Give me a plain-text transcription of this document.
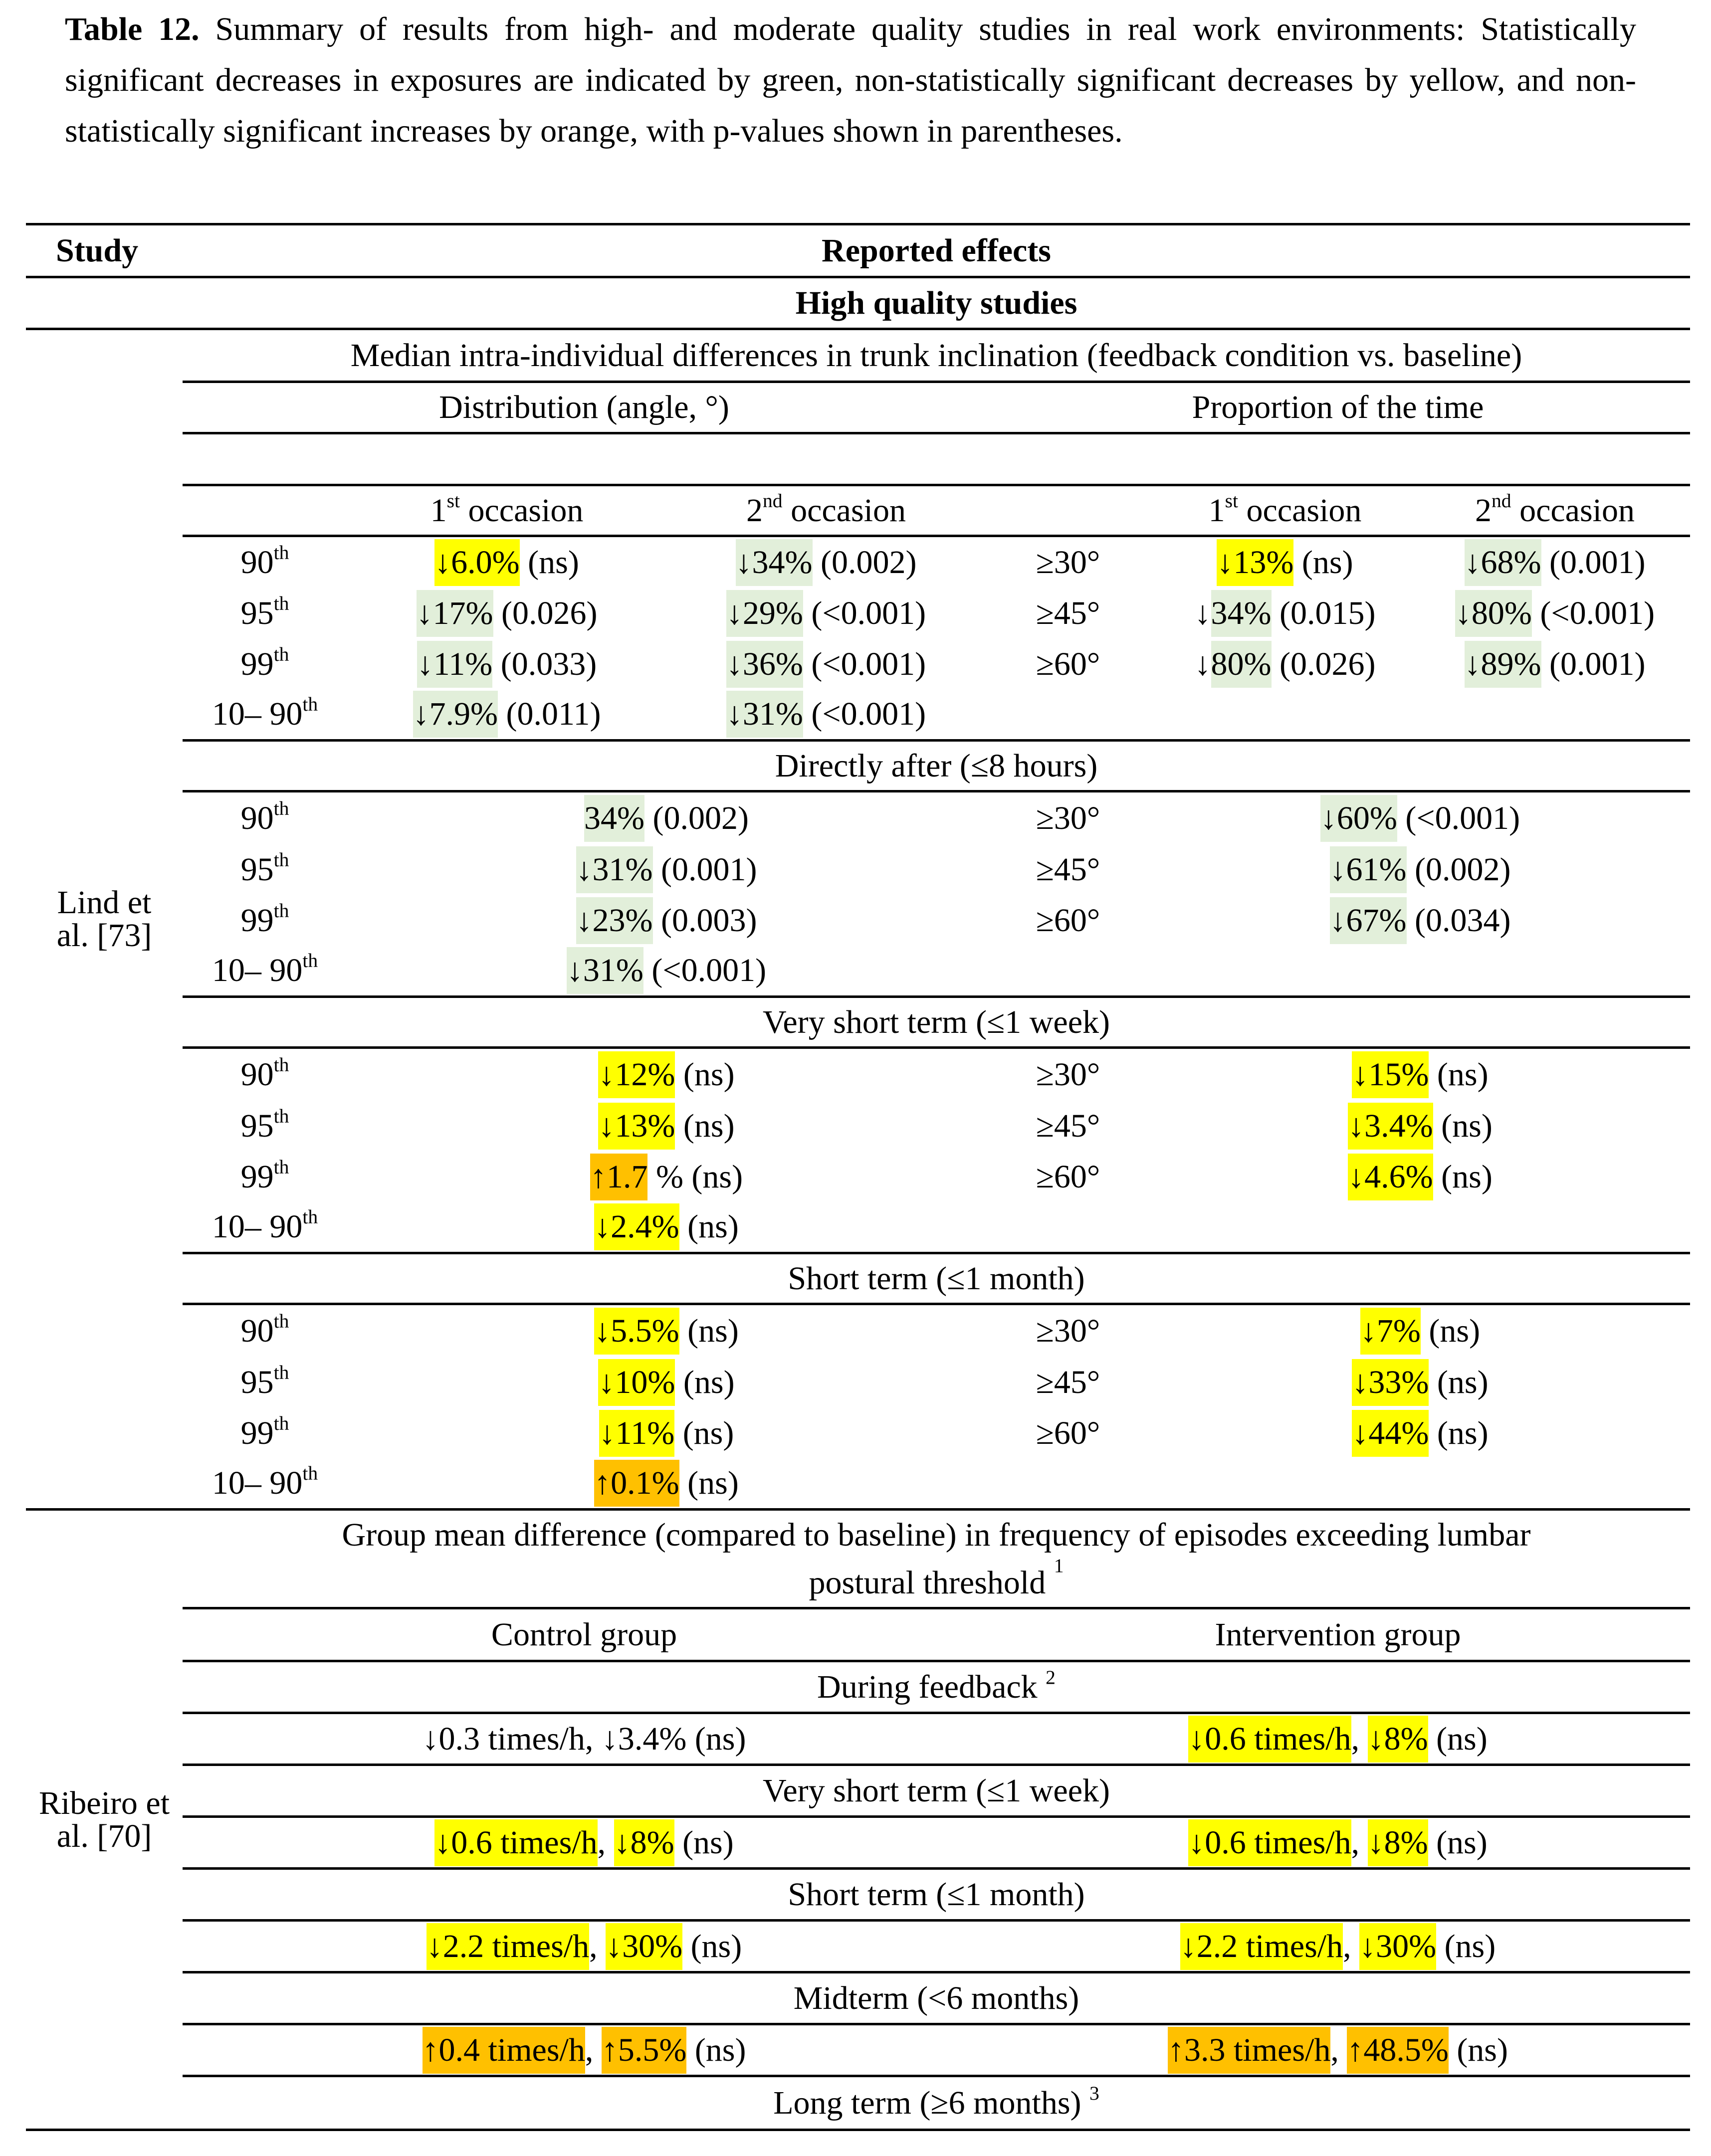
Table 12. Summary of results from high- and moderate quality studies in real work environments: Statistically significant decreases in exposures are indicated by green, non-statistically significant decreases by yellow, and non-statistically significant increases by orange, with p-values shown in parentheses.
Study	Reported effects					
	High quality studies					
Lind et
al. [73]	Median intra-individual differences in trunk inclination (feedback condition vs. baseline)					
	Distribution (angle, °)			Proportion of the time		

		1st occasion	2nd occasion		1st occasion	2nd occasion
	90th	↓6.0% (ns)	↓34% (0.002)	≥30°	↓13% (ns)	↓68% (0.001)
	95th	↓17% (0.026)	↓29% (<0.001)	≥45°	↓34% (0.015)	↓80% (<0.001)
	99th	↓11% (0.033)	↓36% (<0.001)	≥60°	↓80% (0.026)	↓89% (0.001)
	10– 90th	↓7.9% (0.011)	↓31% (<0.001)			
	Directly after (≤8 hours)					
	90th	34% (0.002)		≥30°	↓60% (<0.001)	
	95th	↓31% (0.001)		≥45°	↓61% (0.002)	
	99th	↓23% (0.003)		≥60°	↓67% (0.034)	
	10– 90th	↓31% (<0.001)				
	Very short term (≤1 week)					
	90th	↓12% (ns)		≥30°	↓15% (ns)	
	95th	↓13% (ns)		≥45°	↓3.4% (ns)	
	99th	↑1.7 % (ns)		≥60°	↓4.6% (ns)	
	10– 90th	↓2.4% (ns)				
	Short term (≤1 month)					
	90th	↓5.5% (ns)		≥30°	↓7% (ns)	
	95th	↓10% (ns)		≥45°	↓33% (ns)	
	99th	↓11% (ns)		≥60°	↓44% (ns)	
	10– 90th	↑0.1% (ns)				
Ribeiro et
al. [70]	Group mean difference (compared to baseline) in frequency of episodes exceeding lumbar
postural threshold $^1$
	Control group			Intervention group		
	During feedback $^2$
	↓0.3 times/h, ↓3.4% (ns)			↓0.6 times/h, ↓8% (ns)		
	Very short term (≤1 week)					
	↓0.6 times/h, ↓8% (ns)			↓0.6 times/h, ↓8% (ns)		
	Short term (≤1 month)					
	↓2.2 times/h, ↓30% (ns)			↓2.2 times/h, ↓30% (ns)		
	Midterm (<6 months)					
	↑0.4 times/h, ↑5.5% (ns)			↑3.3 times/h, ↑48.5% (ns)		
	Long term (≥6 months) $^3$
